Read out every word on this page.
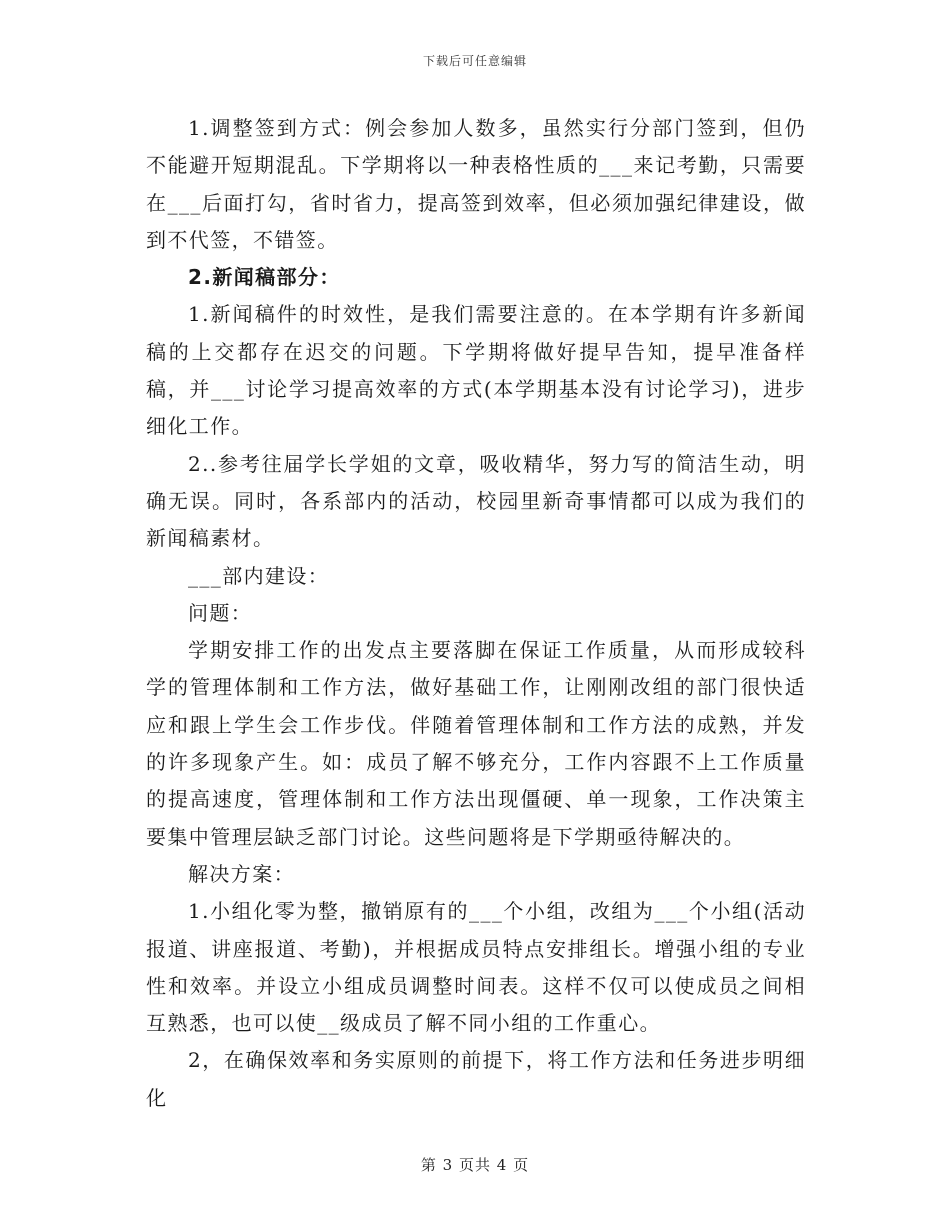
下载后可任意编辑

1.调整签到方式：例会参加人数多，虽然实行分部门签到，但仍不能避开短期混乱。下学期将以一种表格性质的___来记考勤，只需要在___后面打勾，省时省力，提高签到效率，但必须加强纪律建设，做到不代签，不错签。

2.新闻稿部分：

1.新闻稿件的时效性，是我们需要注意的。在本学期有许多新闻稿的上交都存在迟交的问题。下学期将做好提早告知，提早准备样稿，并___讨论学习提高效率的方式(本学期基本没有讨论学习)，进步细化工作。

2..参考往届学长学姐的文章，吸收精华，努力写的简洁生动，明确无误。同时，各系部内的活动，校园里新奇事情都可以成为我们的新闻稿素材。

___部内建设：

问题：

学期安排工作的出发点主要落脚在保证工作质量，从而形成较科学的管理体制和工作方法，做好基础工作，让刚刚改组的部门很快适应和跟上学生会工作步伐。伴随着管理体制和工作方法的成熟，并发的许多现象产生。如：成员了解不够充分，工作内容跟不上工作质量的提高速度，管理体制和工作方法出现僵硬、单一现象，工作决策主要集中管理层缺乏部门讨论。这些问题将是下学期亟待解决的。

解决方案：

1.小组化零为整，撤销原有的___个小组，改组为___个小组(活动报道、讲座报道、考勤)，并根据成员特点安排组长。增强小组的专业性和效率。并设立小组成员调整时间表。这样不仅可以使成员之间相互熟悉，也可以使__级成员了解不同小组的工作重心。

2，在确保效率和务实原则的前提下，将工作方法和任务进步明细化

第 3 页共 4 页
